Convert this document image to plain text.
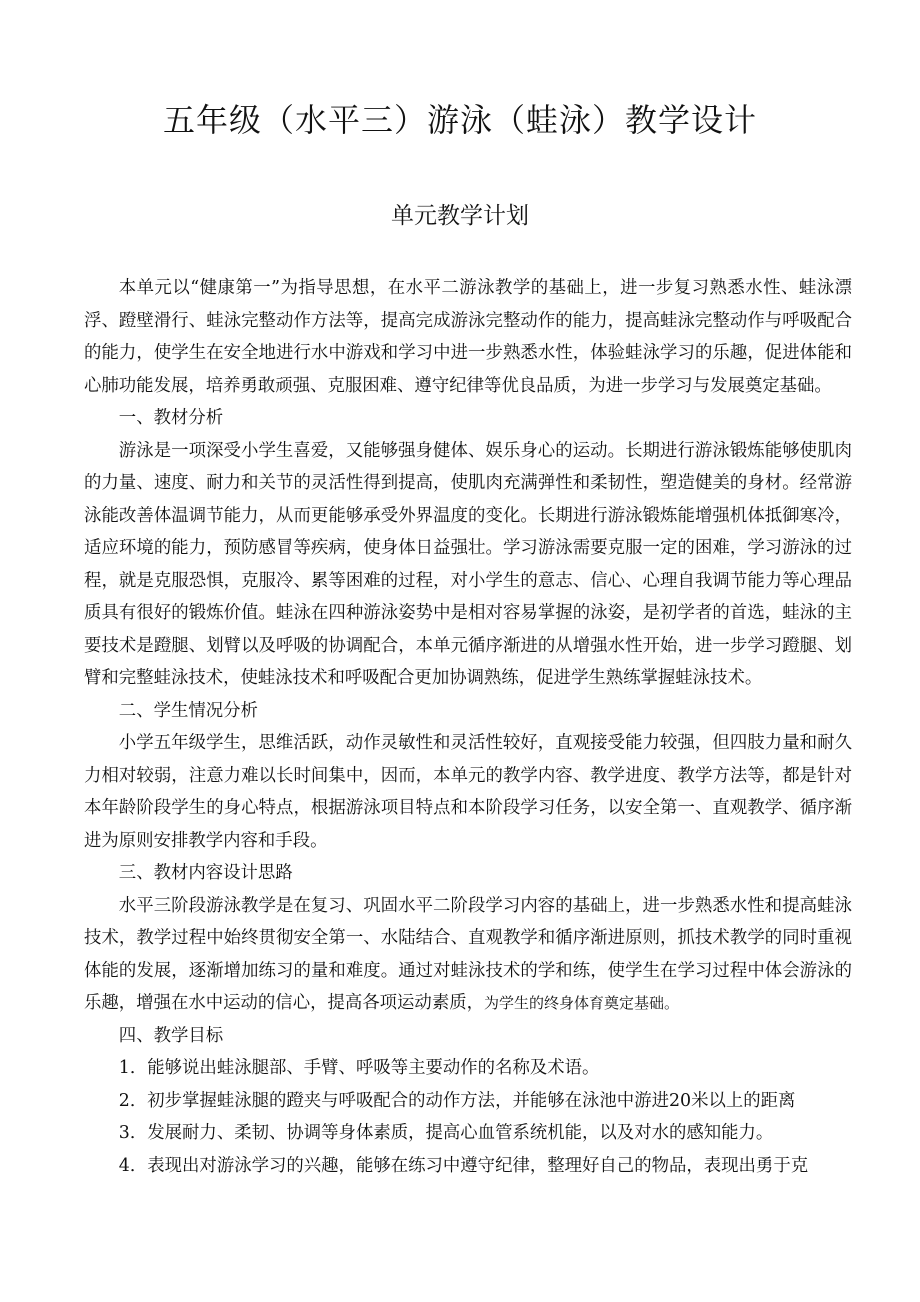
五年级（水平三）游泳（蛙泳）教学设计
单元教学计划

本单元以“健康第一”为指导思想，在水平二游泳教学的基础上，进一步复习熟悉水性、蛙泳漂浮、蹬壁滑行、蛙泳完整动作方法等，提高完成游泳完整动作的能力，提高蛙泳完整动作与呼吸配合的能力，使学生在安全地进行水中游戏和学习中进一步熟悉水性，体验蛙泳学习的乐趣，促进体能和心肺功能发展，培养勇敢顽强、克服困难、遵守纪律等优良品质，为进一步学习与发展奠定基础。

一、教材分析

游泳是一项深受小学生喜爱，又能够强身健体、娱乐身心的运动。长期进行游泳锻炼能够使肌肉的力量、速度、耐力和关节的灵活性得到提高，使肌肉充满弹性和柔韧性，塑造健美的身材。经常游泳能改善体温调节能力，从而更能够承受外界温度的变化。长期进行游泳锻炼能增强机体抵御寒冷，适应环境的能力，预防感冒等疾病，使身体日益强壮。学习游泳需要克服一定的困难，学习游泳的过程，就是克服恐惧，克服冷、累等困难的过程，对小学生的意志、信心、心理自我调节能力等心理品质具有很好的锻炼价值。蛙泳在四种游泳姿势中是相对容易掌握的泳姿，是初学者的首选，蛙泳的主要技术是蹬腿、划臂以及呼吸的协调配合，本单元循序渐进的从增强水性开始，进一步学习蹬腿、划臂和完整蛙泳技术，使蛙泳技术和呼吸配合更加协调熟练，促进学生熟练掌握蛙泳技术。

二、学生情况分析

小学五年级学生，思维活跃，动作灵敏性和灵活性较好，直观接受能力较强，但四肢力量和耐久力相对较弱，注意力难以长时间集中，因而，本单元的教学内容、教学进度、教学方法等，都是针对本年龄阶段学生的身心特点，根据游泳项目特点和本阶段学习任务，以安全第一、直观教学、循序渐进为原则安排教学内容和手段。

三、教材内容设计思路

水平三阶段游泳教学是在复习、巩固水平二阶段学习内容的基础上，进一步熟悉水性和提高蛙泳技术，教学过程中始终贯彻安全第一、水陆结合、直观教学和循序渐进原则，抓技术教学的同时重视体能的发展，逐渐增加练习的量和难度。通过对蛙泳技术的学和练，使学生在学习过程中体会游泳的乐趣，增强在水中运动的信心，提高各项运动素质，为学生的终身体育奠定基础。

四、教学目标

1．能够说出蛙泳腿部、手臂、呼吸等主要动作的名称及术语。

2．初步掌握蛙泳腿的蹬夹与呼吸配合的动作方法，并能够在泳池中游进20米以上的距离

3．发展耐力、柔韧、协调等身体素质，提高心血管系统机能，以及对水的感知能力。

4．表现出对游泳学习的兴趣，能够在练习中遵守纪律，整理好自己的物品，表现出勇于克
